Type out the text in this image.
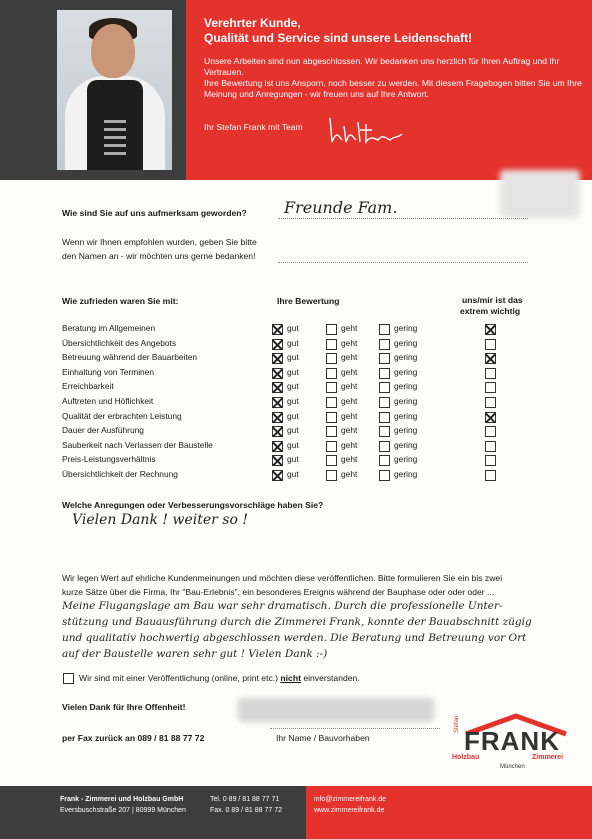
Verehrter Kunde,
Qualität und Service sind unsere Leidenschaft!
Unsere Arbeiten sind nun abgeschlossen. Wir bedanken uns herzlich für Ihren Auftrag und Ihr Vertrauen.
Ihre Bewertung ist uns Ansporn, noch besser zu werden. Mit diesem Fragebogen bitten Sie um Ihre Meinung und Anregungen - wir freuen uns auf Ihre Antwort.
Ihr Stefan Frank mit Team
Wie sind Sie auf uns aufmerksam geworden? Freunde Fam.
Wenn wir Ihnen empfohlen wurden, geben Sie bitte
den Namen an - wir möchten uns gerne bedanken!
Wie zufrieden waren Sie mit:	Ihre Bewertung	uns/mir ist das
extrem wichtig
Beratung im Allgemeinen	gut	geht	gering
Übersichtlichkeit des Angebots	gut	geht	gering
Betreuung während der Bauarbeiten	gut	geht	gering
Einhaltung von Terminen	gut	geht	gering
Erreichbarkeit	gut	geht	gering
Auftreten und Höflichkeit	gut	geht	gering
Qualität der erbrachten Leistung	gut	geht	gering
Dauer der Ausführung	gut	geht	gering
Sauberkeit nach Verlassen der Baustelle	gut	geht	gering
Preis-Leistungsverhältnis	gut	geht	gering
Übersichtlichkeit der Rechnung	gut	geht	gering
Welche Anregungen oder Verbesserungsvorschläge haben Sie?
Vielen Dank ! weiter so !
Wir legen Wert auf ehrliche Kundenmeinungen und möchten diese veröffentlichen. Bitte formulieren Sie ein bis zwei
kurze Sätze über die Firma, Ihr "Bau-Erlebnis", ein besonderes Ereignis während der Bauphase oder oder oder ...
Meine Flugangslage am Bau war sehr dramatisch. Durch die professionelle Unter-
stützung und Bauausführung durch die Zimmerei Frank, konnte der Bauabschnitt zügig
und qualitativ hochwertig abgeschlossen werden. Die Beratung und Betreuung vor Ort
auf der Baustelle waren sehr gut ! Vielen Dank :-)
Wir sind mit einer Veröffentlichung (online, print etc.) nicht einverstanden.
Vielen Dank für Ihre Offenheit!
per Fax zurück an 089 / 81 88 77 72	Ihr Name / Bauvorhaben
Stefan
FRANK
Holzbau	Zimmerei
München
Frank - Zimmerei und Holzbau GmbH
Eversbuschstraße 207 | 80999 München
Tel. 0 89 / 81 88 77 71
Fax. 0 89 / 81 88 77 72
info@zimmereifrank.de
www.zimmereifrank.de
